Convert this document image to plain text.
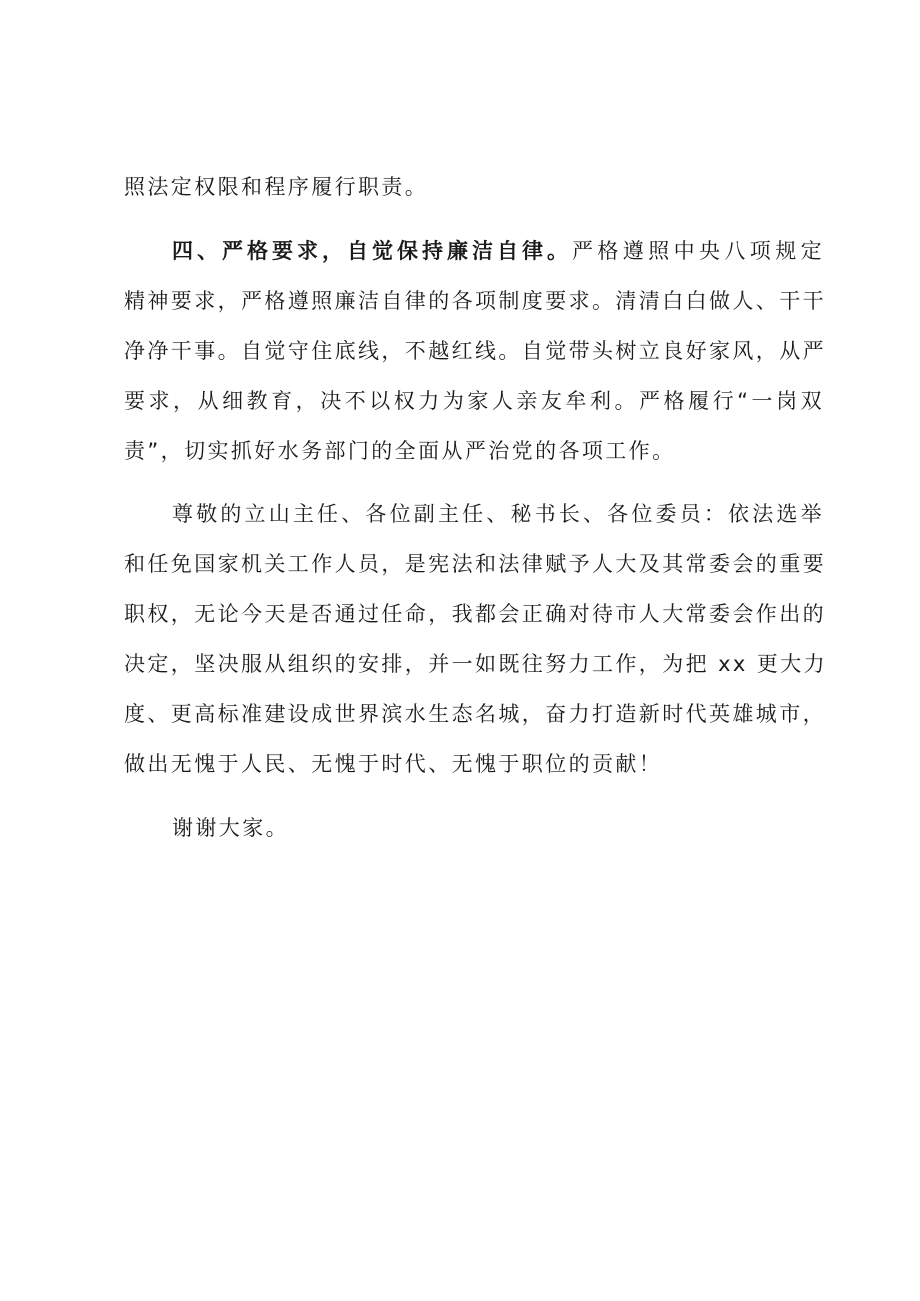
照法定权限和程序履行职责。
四、严格要求，自觉保持廉洁自律。严格遵照中央八项规定
精神要求，严格遵照廉洁自律的各项制度要求。清清白白做人、干干
净净干事。自觉守住底线，不越红线。自觉带头树立良好家风，从严
要求，从细教育，决不以权力为家人亲友牟利。严格履行“一岗双
责”，切实抓好水务部门的全面从严治党的各项工作。
尊敬的立山主任、各位副主任、秘书长、各位委员：依法选举
和任免国家机关工作人员，是宪法和法律赋予人大及其常委会的重要
职权，无论今天是否通过任命，我都会正确对待市人大常委会作出的
决定，坚决服从组织的安排，并一如既往努力工作，为把 xx 更大力
度、更高标准建设成世界滨水生态名城，奋力打造新时代英雄城市，
做出无愧于人民、无愧于时代、无愧于职位的贡献！
谢谢大家。
